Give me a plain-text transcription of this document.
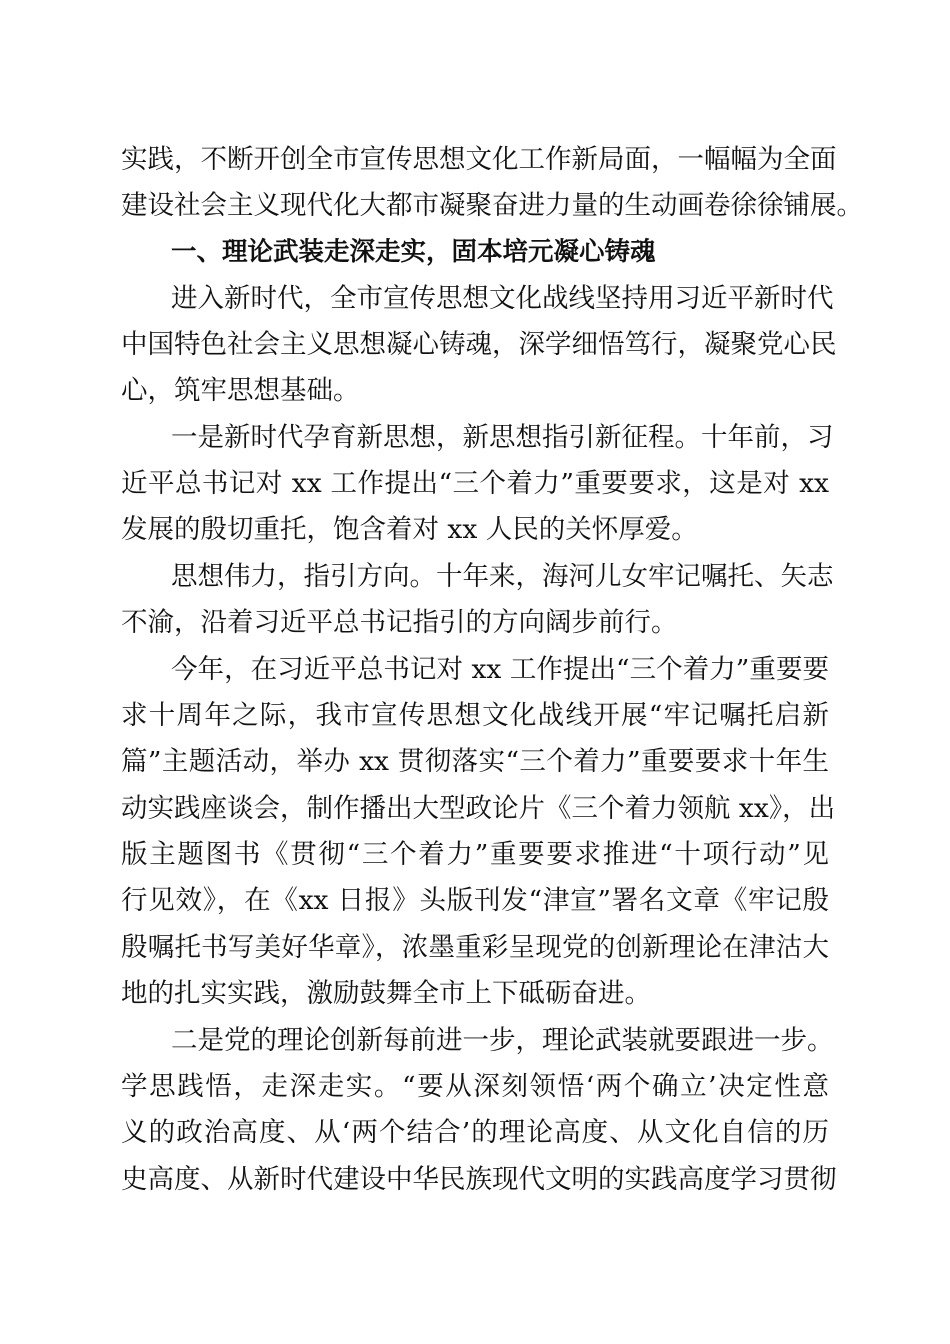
实践，不断开创全市宣传思想文化工作新局面，一幅幅为全面
建设社会主义现代化大都市凝聚奋进力量的生动画卷徐徐铺展。
一、理论武装走深走实，固本培元凝心铸魂
进入新时代，全市宣传思想文化战线坚持用习近平新时代
中国特色社会主义思想凝心铸魂，深学细悟笃行，凝聚党心民
心，筑牢思想基础。
一是新时代孕育新思想，新思想指引新征程。十年前，习
近平总书记对 xx 工作提出“三个着力”重要要求，这是对 xx
发展的殷切重托，饱含着对 xx 人民的关怀厚爱。
思想伟力，指引方向。十年来，海河儿女牢记嘱托、矢志
不渝，沿着习近平总书记指引的方向阔步前行。
今年，在习近平总书记对 xx 工作提出“三个着力”重要要
求十周年之际，我市宣传思想文化战线开展“牢记嘱托启新
篇”主题活动，举办 xx 贯彻落实“三个着力”重要要求十年生
动实践座谈会，制作播出大型政论片《三个着力领航 xx》，出
版主题图书《贯彻“三个着力”重要要求推进“十项行动”见
行见效》，在《xx 日报》头版刊发“津宣”署名文章《牢记殷
殷嘱托书写美好华章》，浓墨重彩呈现党的创新理论在津沽大
地的扎实实践，激励鼓舞全市上下砥砺奋进。
二是党的理论创新每前进一步，理论武装就要跟进一步。
学思践悟，走深走实。“要从深刻领悟‘两个确立’决定性意
义的政治高度、从‘两个结合’的理论高度、从文化自信的历
史高度、从新时代建设中华民族现代文明的实践高度学习贯彻
